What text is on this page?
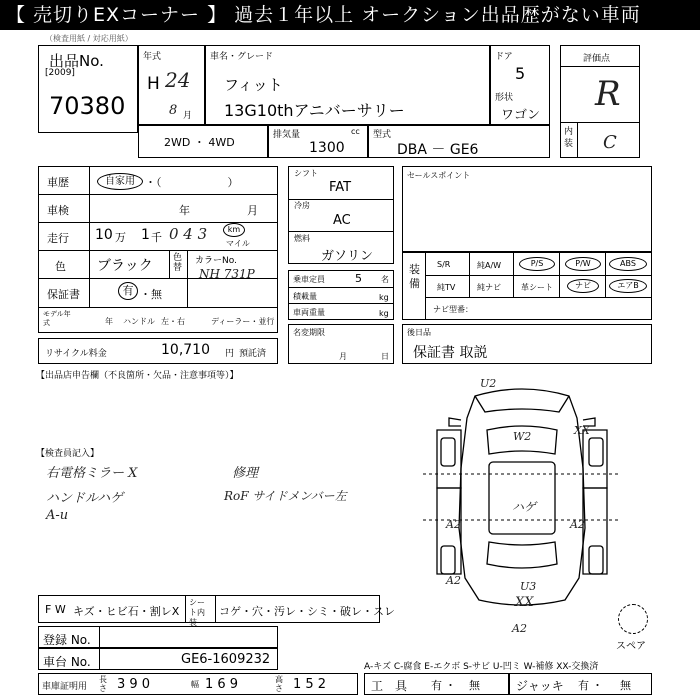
【 売切りEXコーナー 】 過去１年以上 オークション出品歴がない車両
（検査用紙 / 対応用紙）
出品No.
[2009]
70380
年式
H 24
8 月
車名・グレード
フィット
13G10thアニバーサリー
ドア
5
形状
ワゴン
評価点
R
内装 C
2WD ・ 4WD
排気量	cc
1300
型式
DBA － GE6
車歴	自家用 ・（　　　　　　）
車検	年	月
走行 10 万 1 千 0 4 3	km
マイル
色 ブラック 色替
カラーNo.
NH 731P
保証書	有 ・ 無
モデル年式	年 ハンドル 左・右	ディーラー・並行
リサイクル料金	10,710 円 預託済
シフト
FAT
冷房
AC
燃料
ガソリン
乗車定員	5 名
積載量	kg
車両重量	kg
名変期限
月	日
セールスポイント
装備
S/R	純A/W	P/S	P/W	ABS
純TV	純ナビ	革シート	ナビ	エアB
ナビ型番：
後日品
保証書 取説
【出品店申告欄（不良箇所・欠品・注意事項等）】
【検査員記入】
右電格ミラー X
ハンドルハゲ
A-u
修理
RoF サイドメンバー左
U2
W2
ハゲ
A2
A2	U3
XX
A2
XX
A2
スペア
F W キズ・ヒビ石・割レX
シート内装
コゲ・穴・汚レ・シミ・破レ・スレ
登録 No.
車台 No.	GE6-1609232	A-キズ C-腐食 E-エクボ S-サビ U-凹ミ W-補修 XX-交換済
車庫証明用
長さ 3 9 0	幅 1 6 9	高さ 1 5 2	工　具 有 ・ 無	ジャッキ 有 ・ 無
